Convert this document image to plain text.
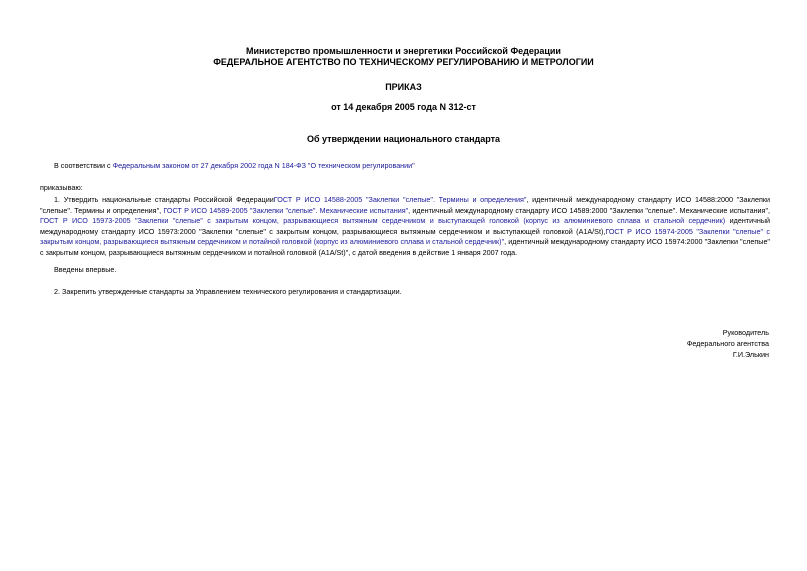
Министерство промышленности и энергетики Российской Федерации
ФЕДЕРАЛЬНОЕ АГЕНТСТВО ПО ТЕХНИЧЕСКОМУ РЕГУЛИРОВАНИЮ И МЕТРОЛОГИИ
ПРИКАЗ
от 14 декабря 2005 года N 312-ст
Об утверждении национального стандарта
В соответствии с Федеральным законом от 27 декабря 2002 года N 184-ФЗ "О техническом регулировании"
приказываю:
1. Утвердить национальные стандарты Российской ФедерацииГОСТ Р ИСО 14588-2005 "Заклепки "слепые". Термины и определения", идентичный международному стандарту ИСО 14588:2000 "Заклепки "слепые". Термины и определения", ГОСТ Р ИСО 14589-2005 "Заклепки "слепые". Механические испытания", идентичный международному стандарту ИСО 14589:2000 "Заклепки "слепые". Механические испытания", ГОСТ Р ИСО 15973-2005 "Заклепки "слепые" с закрытым концом, разрывающиеся вытяжным сердечником и выступающей головкой (корпус из алюминиевого сплава и стальной сердечник) идентичный международному стандарту ИСО 15973:2000 "Заклепки "слепые" с закрытым концом, разрывающиеся вытяжным сердечником и выступающей головкой (A1A/St),ГОСТ Р ИСО 15974-2005 "Заклепки "слепые" с закрытым концом, разрывающиеся вытяжным сердечником и потайной головкой (корпус из алюминиевого сплава и стальной сердечник)", идентичный международному стандарту ИСО 15974:2000 "Заклепки "слепые" с закрытым концом, разрывающиеся вытяжным сердечником и потайной головкой (A1A/St)", с датой введения в действие 1 января 2007 года.
Введены впервые.
2. Закрепить утвержденные стандарты за Управлением технического регулирования и стандартизации.
Руководитель
Федерального агентства
Г.И.Элькин
